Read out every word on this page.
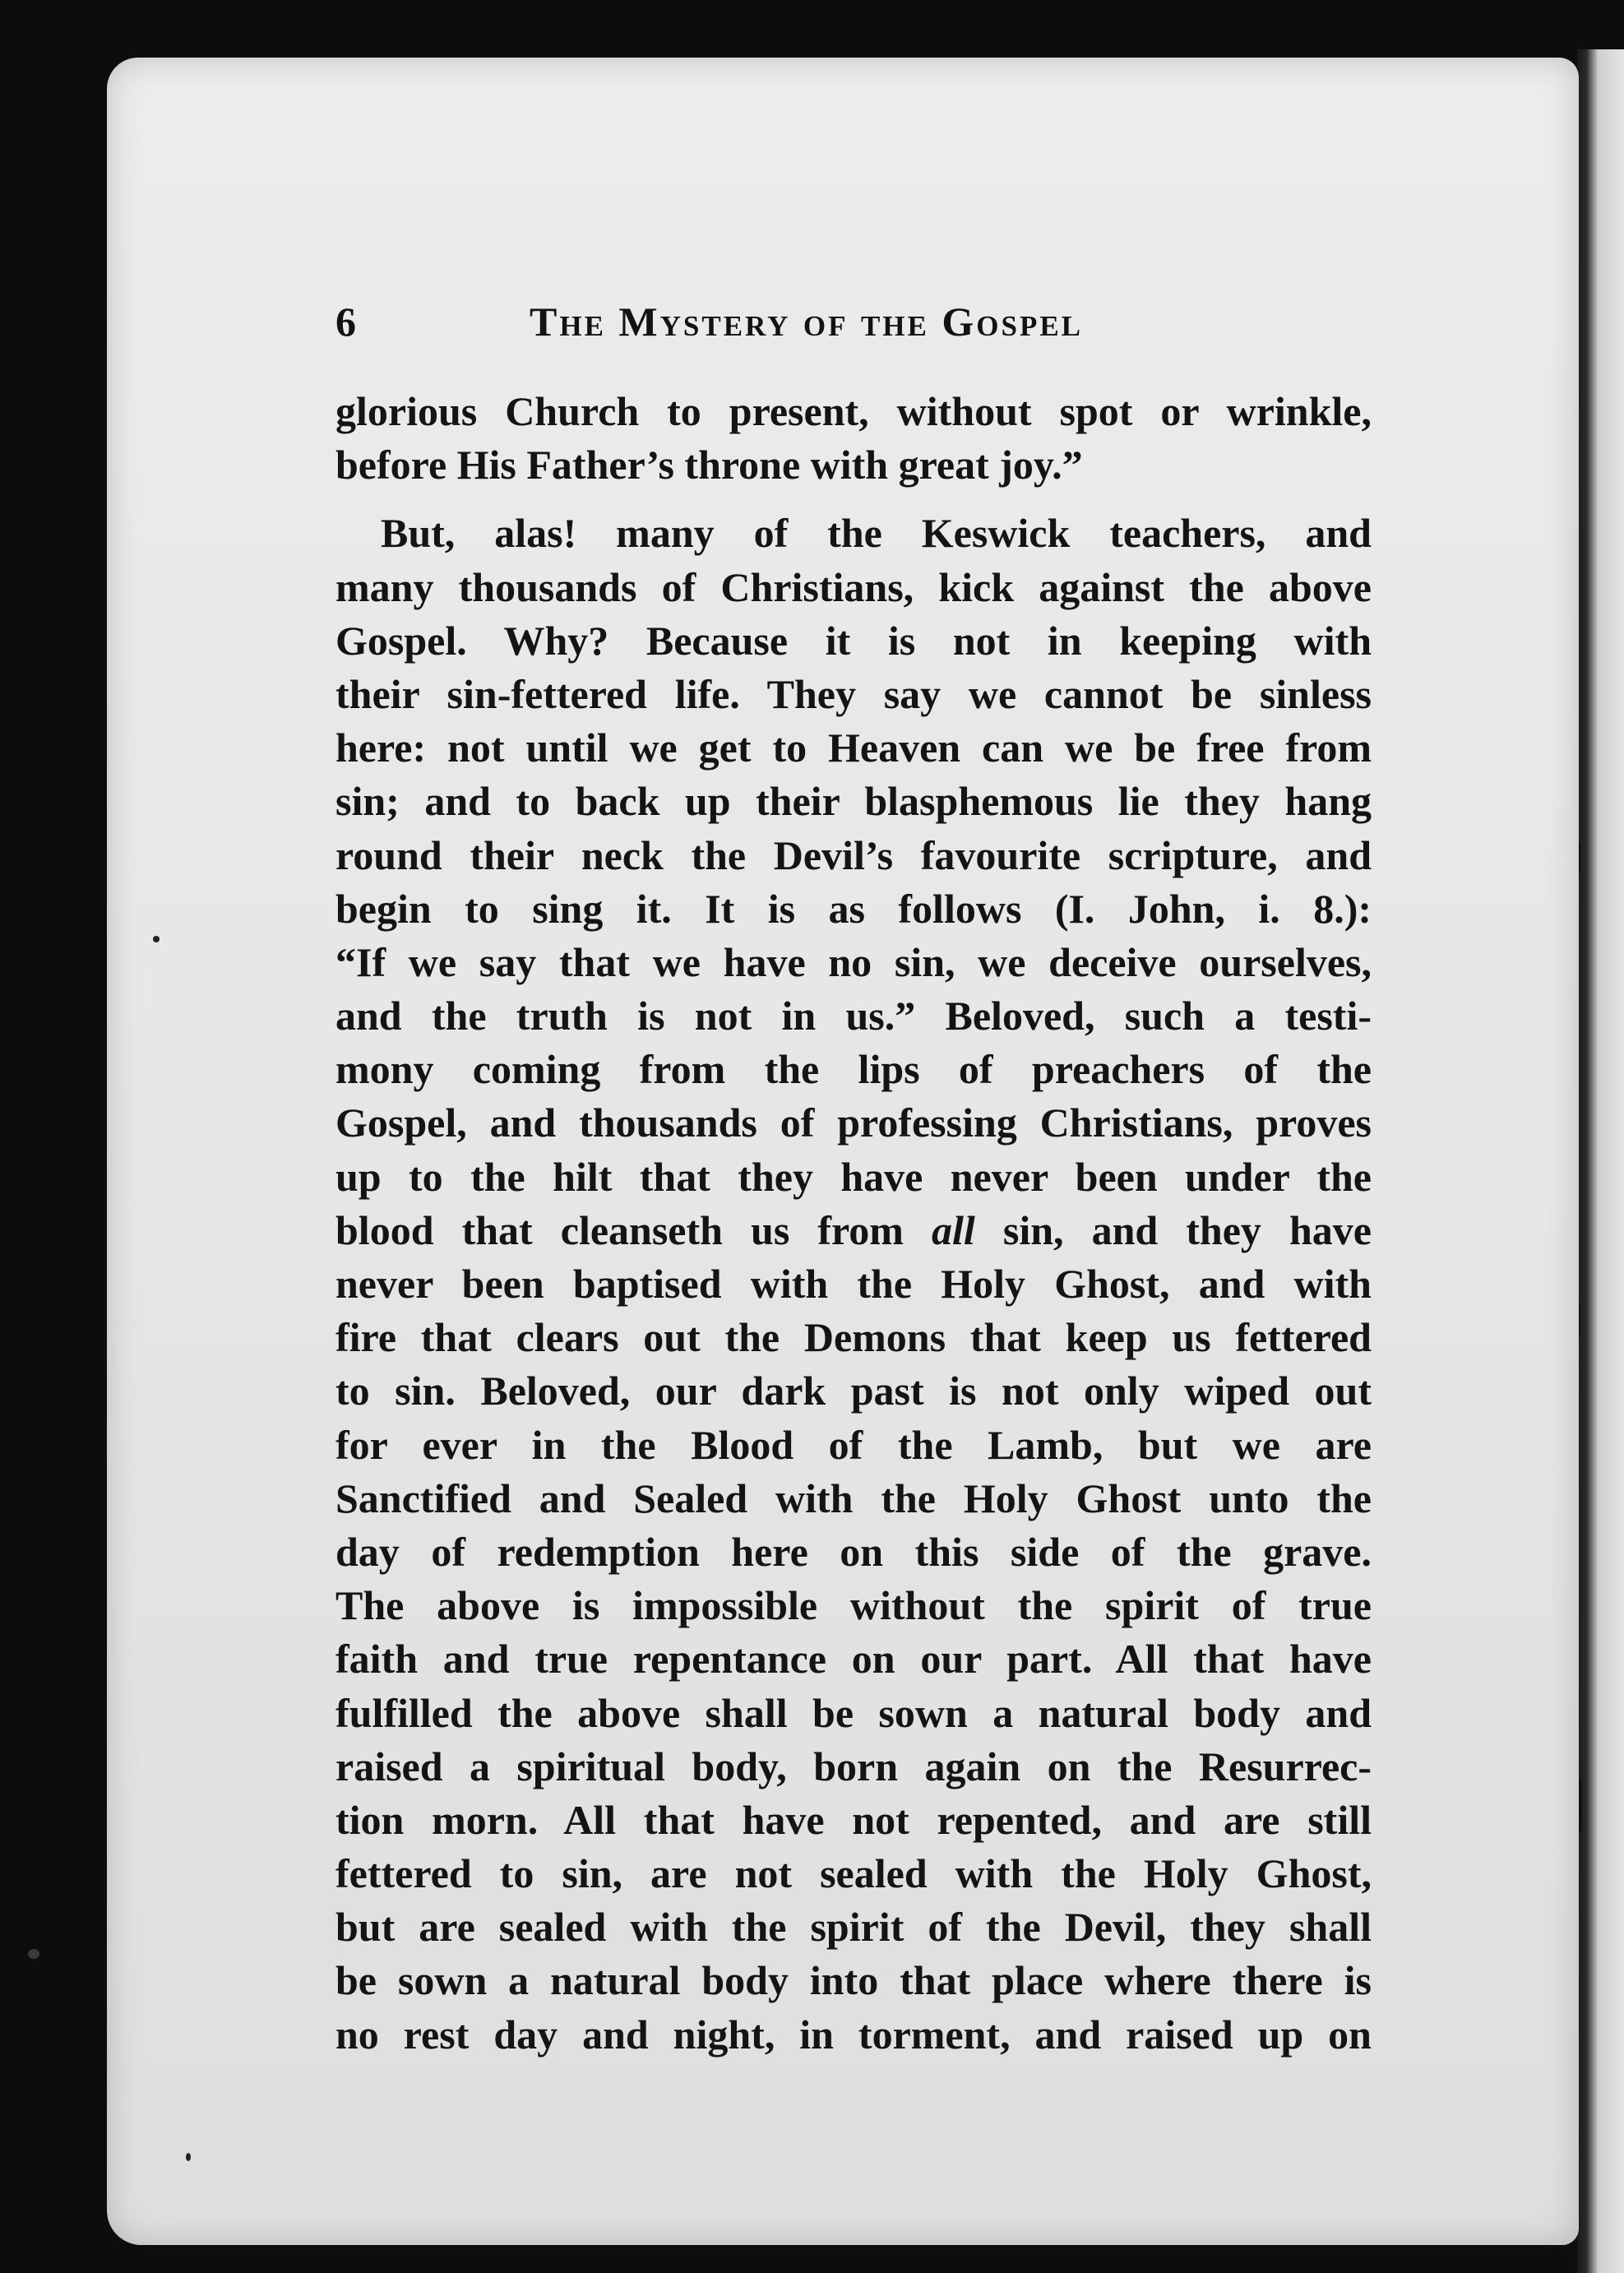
6	The Mystery of the Gospel
glorious Church to present, without spot or wrinkle,
before His Father’s throne with great joy.”
But, alas! many of the Keswick teachers, and
many thousands of Christians, kick against the above
Gospel. Why? Because it is not in keeping with
their sin-fettered life. They say we cannot be sinless
here: not until we get to Heaven can we be free from
sin; and to back up their blasphemous lie they hang
round their neck the Devil’s favourite scripture, and
begin to sing it. It is as follows (I. John, i. 8.):
“If we say that we have no sin, we deceive ourselves,
and the truth is not in us.” Beloved, such a testi-
mony coming from the lips of preachers of the
Gospel, and thousands of professing Christians, proves
up to the hilt that they have never been under the
blood that cleanseth us from all sin, and they have
never been baptised with the Holy Ghost, and with
fire that clears out the Demons that keep us fettered
to sin. Beloved, our dark past is not only wiped out
for ever in the Blood of the Lamb, but we are
Sanctified and Sealed with the Holy Ghost unto the
day of redemption here on this side of the grave.
The above is impossible without the spirit of true
faith and true repentance on our part. All that have
fulfilled the above shall be sown a natural body and
raised a spiritual body, born again on the Resurrec-
tion morn. All that have not repented, and are still
fettered to sin, are not sealed with the Holy Ghost,
but are sealed with the spirit of the Devil, they shall
be sown a natural body into that place where there is
no rest day and night, in torment, and raised up on
